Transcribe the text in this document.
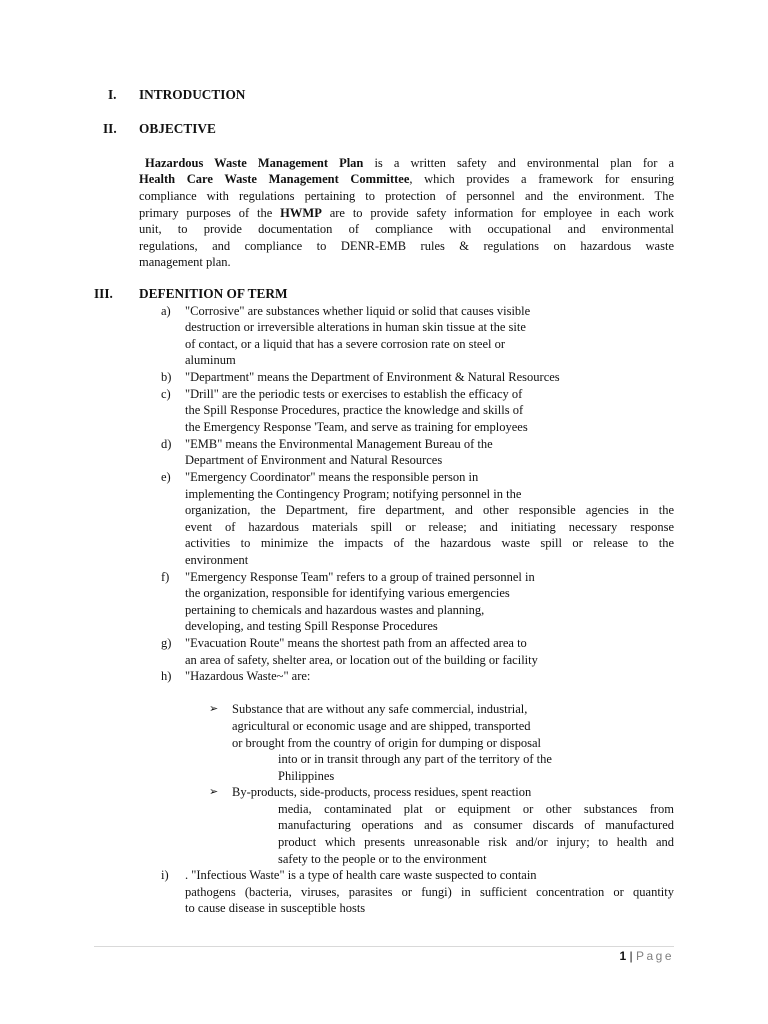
I. INTRODUCTION
II. OBJECTIVE
Hazardous Waste Management Plan is a written safety and environmental plan for a
Health Care Waste Management Committee, which provides a framework for ensuring
compliance with regulations pertaining to protection of personnel and the environment. The
primary purposes of the HWMP are to provide safety information for employee in each work
unit, to provide documentation of compliance with occupational and environmental
regulations, and compliance to DENR-EMB rules & regulations on hazardous waste
management plan.
III. DEFENITION OF TERM
a) "Corrosive" are substances whether liquid or solid that causes visible
destruction or irreversible alterations in human skin tissue at the site
of contact, or a liquid that has a severe corrosion rate on steel or
aluminum
b) "Department" means the Department of Environment & Natural Resources
c) "Drill" are the periodic tests or exercises to establish the efficacy of
the Spill Response Procedures, practice the knowledge and skills of
the Emergency Response 'Team, and serve as training for employees
d) "EMB" means the Environmental Management Bureau of the
Department of Environment and Natural Resources
e) "Emergency Coordinator" means the responsible person in
implementing the Contingency Program; notifying personnel in the
organization, the Department, fire department, and other responsible agencies in the
event of hazardous materials spill or release; and initiating necessary response
activities to minimize the impacts of the hazardous waste spill or release to the
environment
f) "Emergency Response Team" refers to a group of trained personnel in
the organization, responsible for identifying various emergencies
pertaining to chemicals and hazardous wastes and planning,
developing, and testing Spill Response Procedures
g) "Evacuation Route" means the shortest path from an affected area to
an area of safety, shelter area, or location out of the building or facility
h) "Hazardous Waste~" are:
➢ Substance that are without any safe commercial, industrial,
agricultural or economic usage and are shipped, transported
or brought from the country of origin for dumping or disposal
into or in transit through any part of the territory of the
Philippines
➢ By-products, side-products, process residues, spent reaction
media, contaminated plat or equipment or other substances from
manufacturing operations and as consumer discards of manufactured
product which presents unreasonable risk and/or injury; to health and
safety to the people or to the environment
i) . "Infectious Waste" is a type of health care waste suspected to contain
pathogens (bacteria, viruses, parasites or fungi) in sufficient concentration or quantity
to cause disease in susceptible hosts
1 | Page
